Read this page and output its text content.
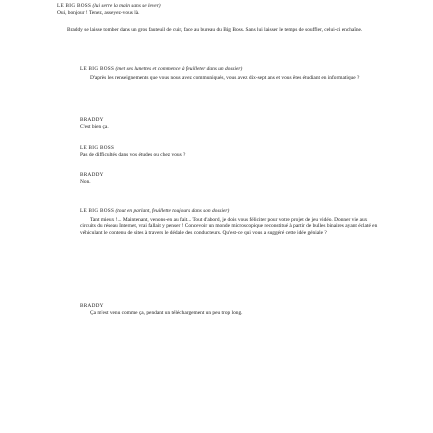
LE BIG BOSS (lui serre la main sans se lever)
Oui, bonjour ! Tenez, asseyez-vous là.
Braddy se laisse tomber dans un gros fauteuil de cuir, face au bureau du Big Boss. Sans lui laisser le temps de souffler, celui-ci enchaîne.
LE BIG BOSS (met ses lunettes et commence à feuilleter dans un dossier)
D'après les renseignements que vous nous avez communiqués, vous avez dix-sept ans et vous êtes étudiant en informatique ?
BRADDY
C'est bien ça.
LE BIG BOSS
Pas de difficultés dans vos études ou chez vous ?
BRADDY
Non.
LE BIG BOSS (tout en parlant, feuillette toujours dans son dossier)
Tant mieux !... Maintenant, venons-en au fait... Tout d'abord, je dois vous féliciter pour votre projet de jeu vidéo. Donner vie aux circuits du réseau Internet, vrai fallait y penser ! Concevoir un monde microscopique reconstitué à partir de bulles binaires ayant éclaté en véhiculant le contenu de sites à travers le dédale des conducteurs. Qu'est-ce qui vous a suggéré cette idée géniale ?
BRADDY
Ça m'est venu comme ça, pendant un téléchargement un peu trop long.
